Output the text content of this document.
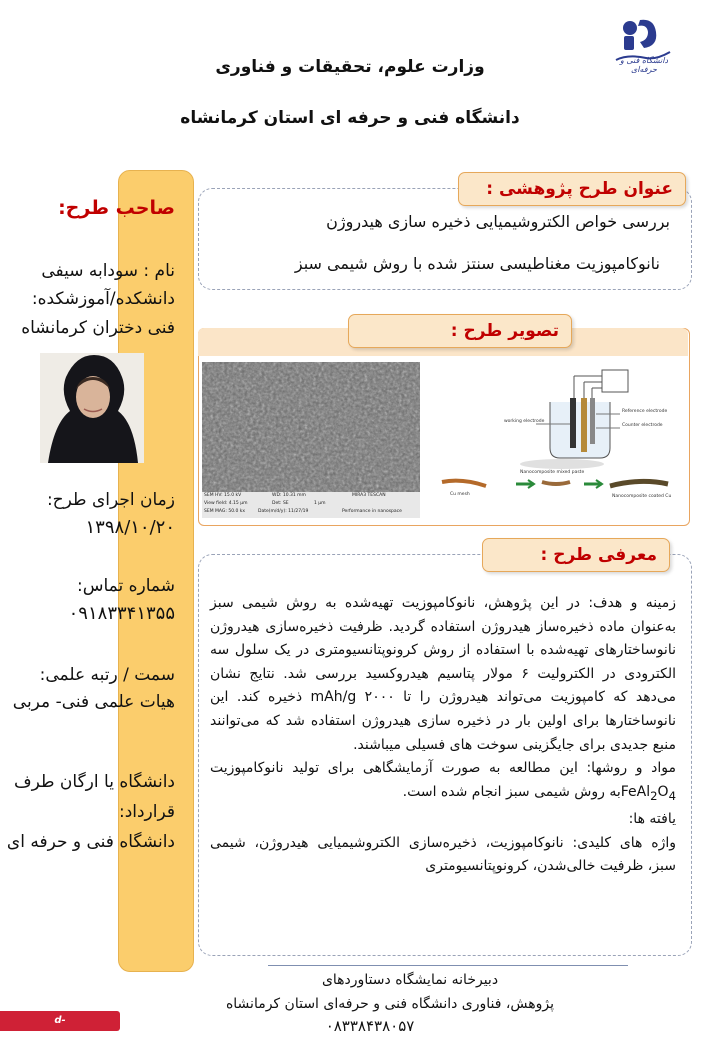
دانشگاه فنی و حرفه‌ای
وزارت علوم، تحقیقات و فناوری
دانشگاه فنی و حرفه ای استان کرمانشاه
صاحب طرح:
نام : سودابه سیفی
دانشکده/آموزشکده:
فنی دختران کرمانشاه
زمان اجرای طرح:
۱۳۹۸/۱۰/۲۰
شماره تماس:
۰۹۱۸۳۳۴۱۳۵۵
سمت / رتبه علمی:
هیات علمی فنی- مربی
دانشگاه یا ارگان طرف
قرارداد:
دانشگاه فنی و حرفه ای
عنوان طرح پژوهشی :
بررسی خواص الکتروشیمیایی ذخیره سازی هیدروژن
نانوکامپوزیت مغناطیسی سنتز شده با روش شیمی سبز
تصویر طرح :
SEM HV: 15.0 kV	WD: 10.31 mm
View field: 4.15 µm	Det: SE
SEM MAG: 50.0 kx	Date(m/d/y): 11/27/19
1 µm
MIRA3 TESCAN
Performance in nanospace
Reference electrode
Counter electrode
working electrode
Nanocomposite mixed paste
Cu mesh	Nanocomposite coated Cu
معرفی طرح :

زمینه و هدف: در این پژوهش، نانوکامپوزیت تهیه‌شده به روش شیمی سبز به‌عنوان ماده ذخیره‌ساز هیدروژن استفاده گردید. ظرفیت ذخیره‌سازی هیدروژن نانوساختارهای تهیه‌شده با استفاده از روش کرونوپتانسیومتری در یک سلول سه الکترودی در الکترولیت ۶ مولار پتاسیم هیدروکسید بررسی شد. نتایج نشان می‌دهد که کامپوزیت می‌تواند هیدروژن را تا ۲۰۰۰ mAh/g ذخیره کند. این نانوساختارها برای اولین بار در ذخیره سازی هیدروژن استفاده شد که می‌توانند منبع جدیدی برای جایگزینی سوخت های فسیلی میباشند.

مواد و روشها: این مطالعه به صورت آزمایشگاهی برای تولید نانوکامپوزیت $FeAl_2O_4به$ روش شیمی سبز انجام شده است.

یافته ها:

واژه های کلیدی: نانوکامپوزیت، ذخیره‌سازی الکتروشیمیایی هیدروژن، شیمی سبز، ظرفیت خالی‌شدن، کرونوپتانسیومتری

دبیرخانه نمایشگاه دستاوردهای
پژوهش، فناوری دانشگاه فنی و حرفه‌ای استان کرمانشاه
۰۸۳۳۸۴۳۸۰۵۷
d-kermanshah.nus.ac.ir
